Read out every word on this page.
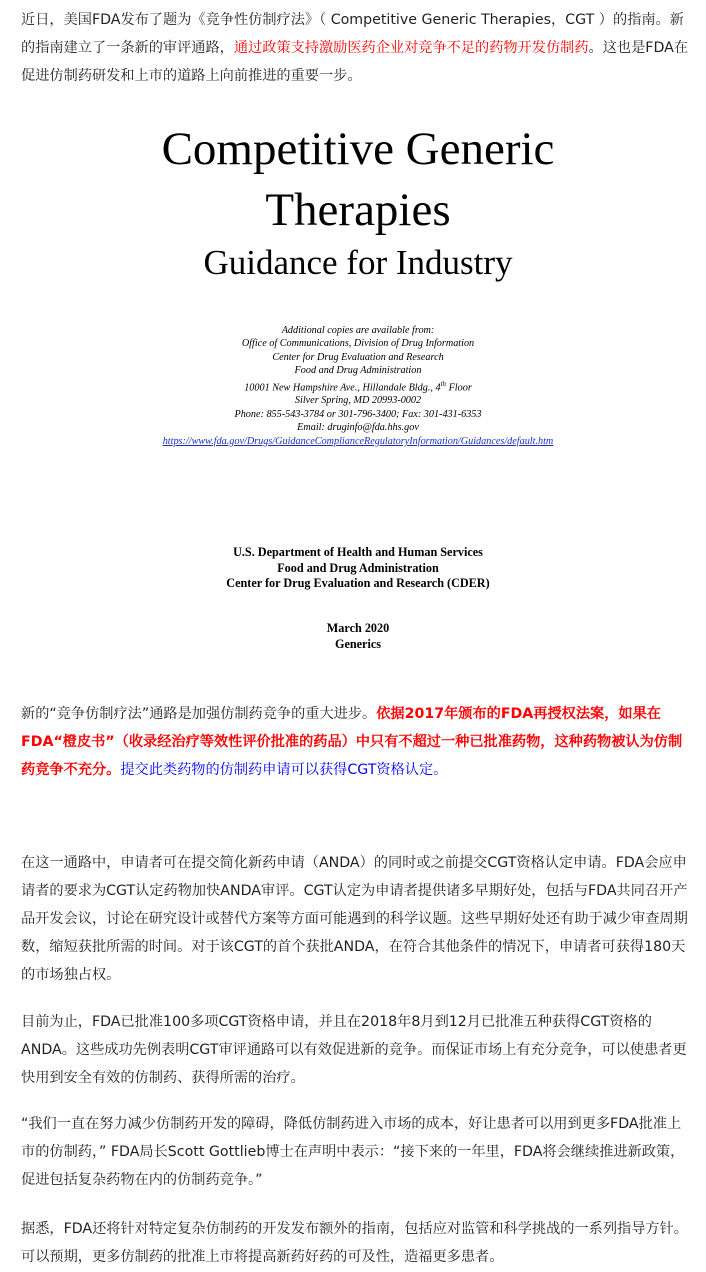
近日，美国FDA发布了题为《竞争性仿制疗法》（ Competitive Generic Therapies，CGT ）的指南。新的指南建立了一条新的审评通路，通过政策支持激励医药企业对竞争不足的药物开发仿制药。这也是FDA在促进仿制药研发和上市的道路上向前推进的重要一步。

Competitive Generic
Therapies
Guidance for Industry
Additional copies are available from:
Office of Communications, Division of Drug Information
Center for Drug Evaluation and Research
Food and Drug Administration
10001 New Hampshire Ave., Hillandale Bldg., 4th Floor
Silver Spring, MD 20993-0002
Phone: 855-543-3784 or 301-796-3400; Fax: 301-431-6353
Email: druginfo@fda.hhs.gov
https://www.fda.gov/Drugs/GuidanceComplianceRegulatoryInformation/Guidances/default.htm
U.S. Department of Health and Human Services
Food and Drug Administration
Center for Drug Evaluation and Research (CDER)
March 2020
Generics

新的“竞争仿制疗法”通路是加强仿制药竞争的重大进步。依据2017年颁布的FDA再授权法案，如果在FDA“橙皮书”（收录经治疗等效性评价批准的药品）中只有不超过一种已批准药物，这种药物被认为仿制药竞争不充分。提交此类药物的仿制药申请可以获得CGT资格认定。

在这一通路中，申请者可在提交简化新药申请（ANDA）的同时或之前提交CGT资格认定申请。FDA会应申请者的要求为CGT认定药物加快ANDA审评。CGT认定为申请者提供诸多早期好处，包括与FDA共同召开产品开发会议，讨论在研究设计或替代方案等方面可能遇到的科学议题。这些早期好处还有助于减少审查周期数，缩短获批所需的时间。对于该CGT的首个获批ANDA，在符合其他条件的情况下，申请者可获得180天的市场独占权。

目前为止，FDA已批准100多项CGT资格申请，并且在2018年8月到12月已批准五种获得CGT资格的ANDA。这些成功先例表明CGT审评通路可以有效促进新的竞争。而保证市场上有充分竞争，可以使患者更快用到安全有效的仿制药、获得所需的治疗。

“我们一直在努力减少仿制药开发的障碍，降低仿制药进入市场的成本，好让患者可以用到更多FDA批准上市的仿制药，” FDA局长Scott Gottlieb博士在声明中表示：“接下来的一年里，FDA将会继续推进新政策，促进包括复杂药物在内的仿制药竞争。”

据悉，FDA还将针对特定复杂仿制药的开发发布额外的指南，包括应对监管和科学挑战的一系列指导方针。可以预期，更多仿制药的批准上市将提高新药好药的可及性，造福更多患者。
